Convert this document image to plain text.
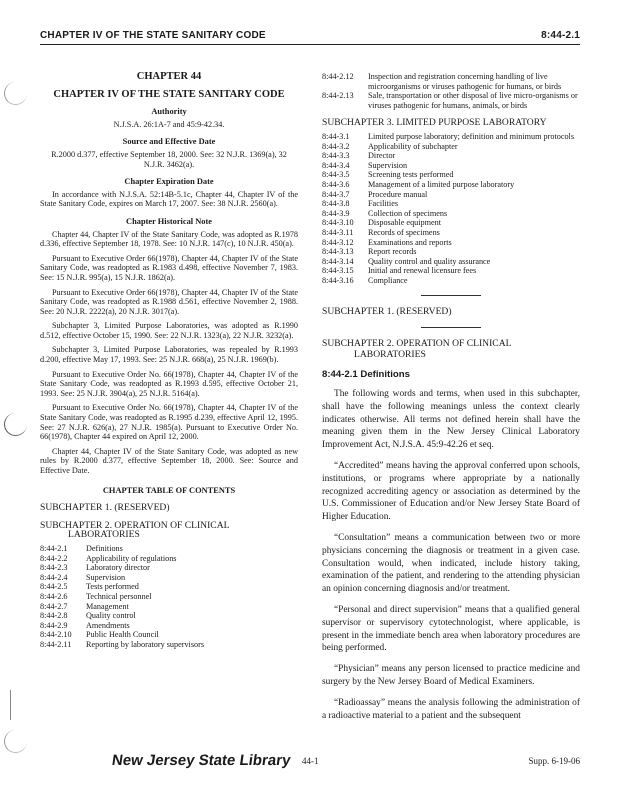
CHAPTER IV OF THE STATE SANITARY CODE	8:44-2.1
CHAPTER 44
CHAPTER IV OF THE STATE SANITARY CODE
Authority
N.J.S.A. 26:1A-7 and 45:9-42.34.
Source and Effective Date
R.2000 d.377, effective September 18, 2000. See: 32 N.J.R. 1369(a), 32 N.J.R. 3462(a).
Chapter Expiration Date
In accordance with N.J.S.A. 52:14B-5.1c, Chapter 44, Chapter IV of the State Sanitary Code, expires on March 17, 2007. See: 38 N.J.R. 2560(a).
Chapter Historical Note
Chapter 44, Chapter IV of the State Sanitary Code, was adopted as R.1978 d.336, effective September 18, 1978. See: 10 N.J.R. 147(c), 10 N.J.R. 450(a).
Pursuant to Executive Order 66(1978), Chapter 44, Chapter IV of the State Sanitary Code, was readopted as R.1983 d.498, effective November 7, 1983. See: 15 N.J.R. 995(a), 15 N.J.R. 1862(a).
Pursuant to Executive Order 66(1978), Chapter 44, Chapter IV of the State Sanitary Code, was readopted as R.1988 d.561, effective November 2, 1988. See: 20 N.J.R. 2222(a), 20 N.J.R. 3017(a).
Subchapter 3, Limited Purpose Laboratories, was adopted as R.1990 d.512, effective October 15, 1990. See: 22 N.J.R. 1323(a), 22 N.J.R. 3232(a).
Subchapter 3, Limited Purpose Laboratories, was repealed by R.1993 d.200, effective May 17, 1993. See: 25 N.J.R. 668(a), 25 N.J.R. 1969(b).
Pursuant to Executive Order No. 66(1978), Chapter 44, Chapter IV of the State Sanitary Code, was readopted as R.1993 d.595, effective October 21, 1993. See: 25 N.J.R. 3904(a), 25 N.J.R. 5164(a).
Pursuant to Executive Order No. 66(1978), Chapter 44, Chapter IV of the State Sanitary Code, was readopted as R.1995 d.239, effective April 12, 1995. See: 27 N.J.R. 626(a), 27 N.J.R. 1985(a). Pursuant to Executive Order No. 66(1978), Chapter 44 expired on April 12, 2000.
Chapter 44, Chapter IV of the State Sanitary Code, was adopted as new rules by R.2000 d.377, effective September 18, 2000. See: Source and Effective Date.
CHAPTER TABLE OF CONTENTS
SUBCHAPTER 1. (RESERVED)
SUBCHAPTER 2. OPERATION OF CLINICAL
LABORATORIES
8:44-2.1	Definitions
8:44-2.2	Applicability of regulations
8:44-2.3	Laboratory director
8:44-2.4	Supervision
8:44-2.5	Tests performed
8:44-2.6	Technical personnel
8:44-2.7	Management
8:44-2.8	Quality control
8:44-2.9	Amendments
8:44-2.10	Public Health Council
8:44-2.11	Reporting by laboratory supervisors
8:44-2.12	Inspection and registration concerning handling of live microorganisms or viruses pathogenic for humans, or birds
8:44-2.13	Sale, transportation or other disposal of live micro-organisms or viruses pathogenic for humans, animals, or birds
SUBCHAPTER 3. LIMITED PURPOSE LABORATORY
8:44-3.1	Limited purpose laboratory; definition and minimum protocols
8:44-3.2	Applicability of subchapter
8:44-3.3	Director
8:44-3.4	Supervision
8:44-3.5	Screening tests performed
8:44-3.6	Management of a limited purpose laboratory
8:44-3.7	Procedure manual
8:44-3.8	Facilities
8:44-3.9	Collection of specimens
8:44-3.10	Disposable equipment
8:44-3.11	Records of specimens
8:44-3.12	Examinations and reports
8:44-3.13	Report records
8:44-3.14	Quality control and quality assurance
8:44-3.15	Initial and renewal licensure fees
8:44-3.16	Compliance
SUBCHAPTER 1. (RESERVED)
SUBCHAPTER 2. OPERATION OF CLINICAL
LABORATORIES
8:44-2.1 Definitions
The following words and terms, when used in this subchapter, shall have the following meanings unless the context clearly indicates otherwise. All terms not defined herein shall have the meaning given them in the New Jersey Clinical Laboratory Improvement Act, N.J.S.A. 45:9-42.26 et seq.
“Accredited” means having the approval conferred upon schools, institutions, or programs where appropriate by a nationally recognized accrediting agency or association as determined by the U.S. Commissioner of Education and/or New Jersey State Board of Higher Education.
“Consultation” means a communication between two or more physicians concerning the diagnosis or treatment in a given case. Consultation would, when indicated, include history taking, examination of the patient, and rendering to the attending physician an opinion concerning diagnosis and/or treatment.
“Personal and direct supervision” means that a qualified general supervisor or supervisory cytotechnologist, where applicable, is present in the immediate bench area when laboratory procedures are being performed.
“Physician” means any person licensed to practice medicine and surgery by the New Jersey Board of Medical Examiners.
“Radioassay” means the analysis following the administration of a radioactive material to a patient and the subsequent
New Jersey State Library 44-1	Supp. 6-19-06
